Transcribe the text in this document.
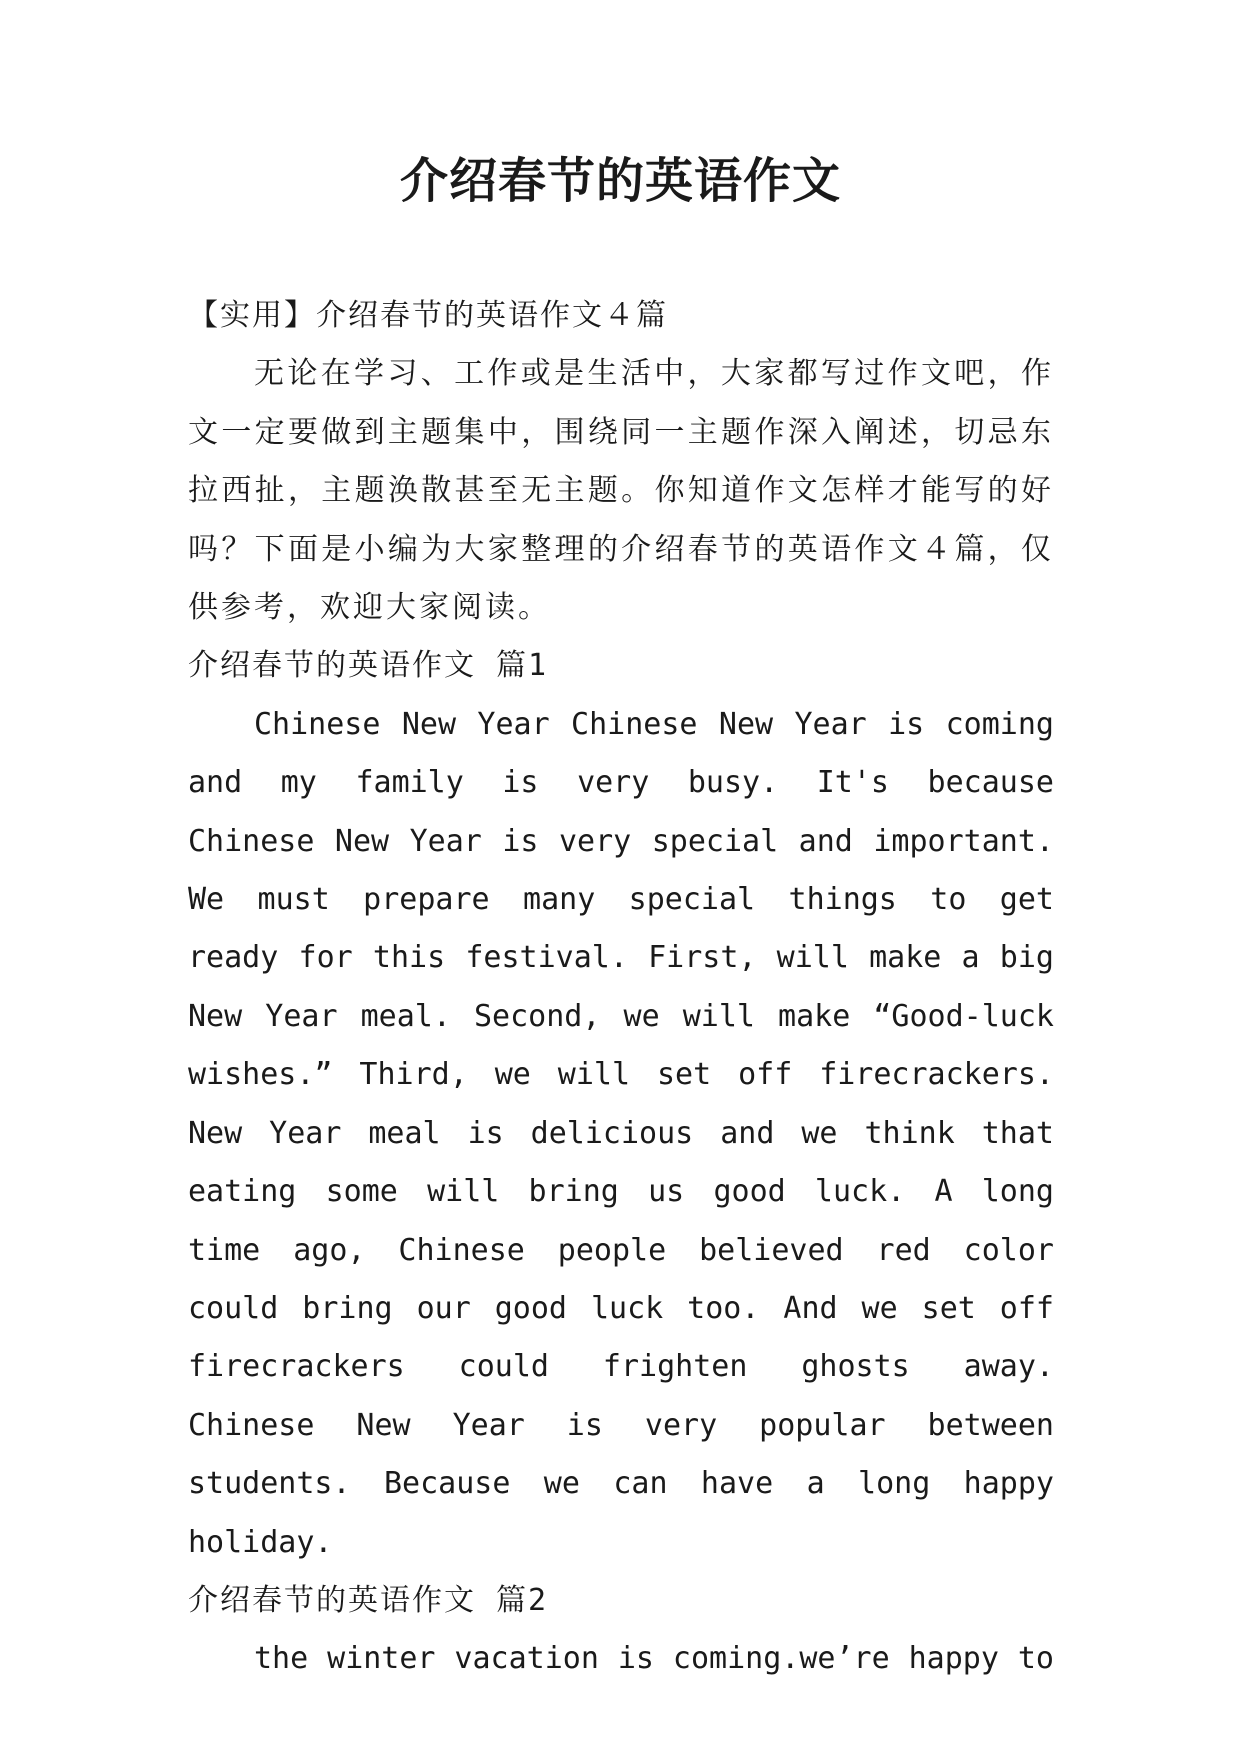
介绍春节的英语作文

【实用】介绍春节的英语作文４篇

无论在学习、工作或是生活中，大家都写过作文吧，作文一定要做到主题集中，围绕同一主题作深入阐述，切忌东拉西扯，主题涣散甚至无主题。你知道作文怎样才能写的好吗？下面是小编为大家整理的介绍春节的英语作文４篇，仅供参考，欢迎大家阅读。

介绍春节的英语作文 篇1

Chinese New Year Chinese New Year is coming and my family is very busy. It's because Chinese New Year is very special and important. We must prepare many special things to get ready for this festival. First, will make a big New Year meal. Second, we will make “Good-luck wishes.” Third, we will set off firecrackers. New Year meal is delicious and we think that eating some will bring us good luck. A long time ago, Chinese people believed red color could bring our good luck too. And we set off firecrackers could frighten ghosts away. Chinese New Year is very popular between students. Because we can have a long happy holiday.

介绍春节的英语作文 篇2

the winter vacation is coming.we’re happy to
